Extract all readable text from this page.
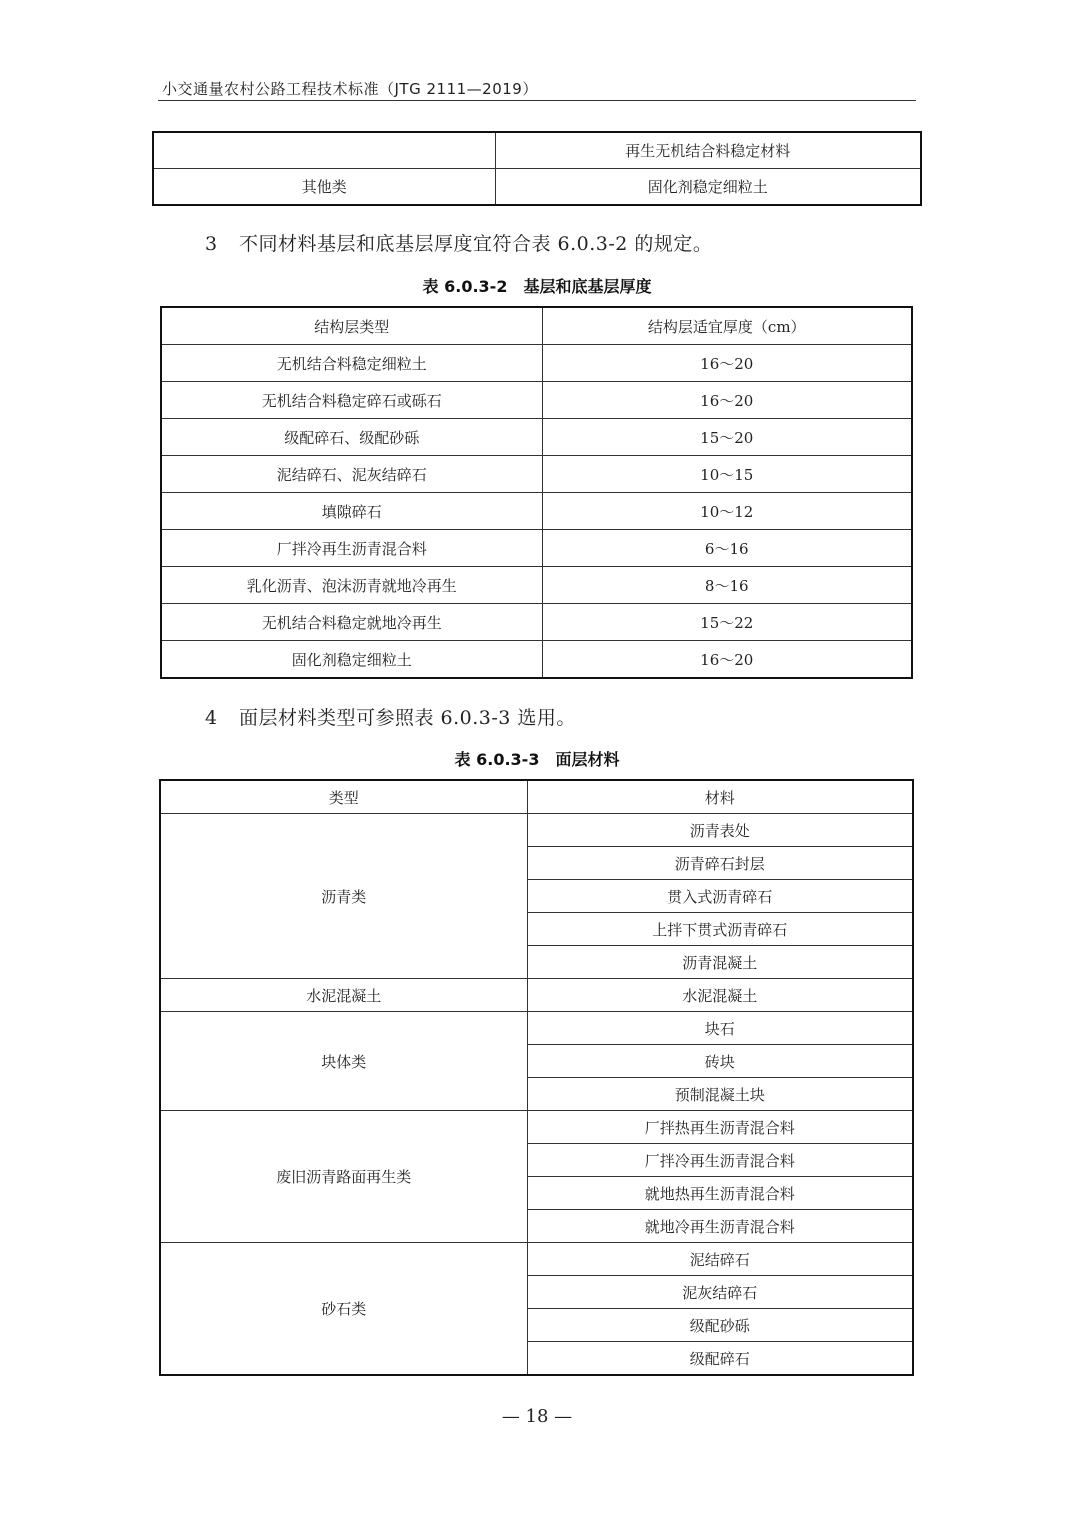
小交通量农村公路工程技术标准（JTG 2111—2019）
	再生无机结合料稳定材料
其他类	固化剂稳定细粒土
3 不同材料基层和底基层厚度宜符合表 6.0.3-2 的规定。
表 6.0.3-2　基层和底基层厚度
结构层类型	结构层适宜厚度（cm）
无机结合料稳定细粒土	16～20
无机结合料稳定碎石或砾石	16～20
级配碎石、级配砂砾	15～20
泥结碎石、泥灰结碎石	10～15
填隙碎石	10～12
厂拌冷再生沥青混合料	6～16
乳化沥青、泡沫沥青就地冷再生	8～16
无机结合料稳定就地冷再生	15～22
固化剂稳定细粒土	16～20
4 面层材料类型可参照表 6.0.3-3 选用。
表 6.0.3-3　面层材料
类型	材料
沥青类	沥青表处
	沥青碎石封层
	贯入式沥青碎石
	上拌下贯式沥青碎石
	沥青混凝土
水泥混凝土	水泥混凝土
块体类	块石
	砖块
	预制混凝土块
废旧沥青路面再生类	厂拌热再生沥青混合料
	厂拌冷再生沥青混合料
	就地热再生沥青混合料
	就地冷再生沥青混合料
砂石类	泥结碎石
	泥灰结碎石
	级配砂砾
	级配碎石
— 18 —
